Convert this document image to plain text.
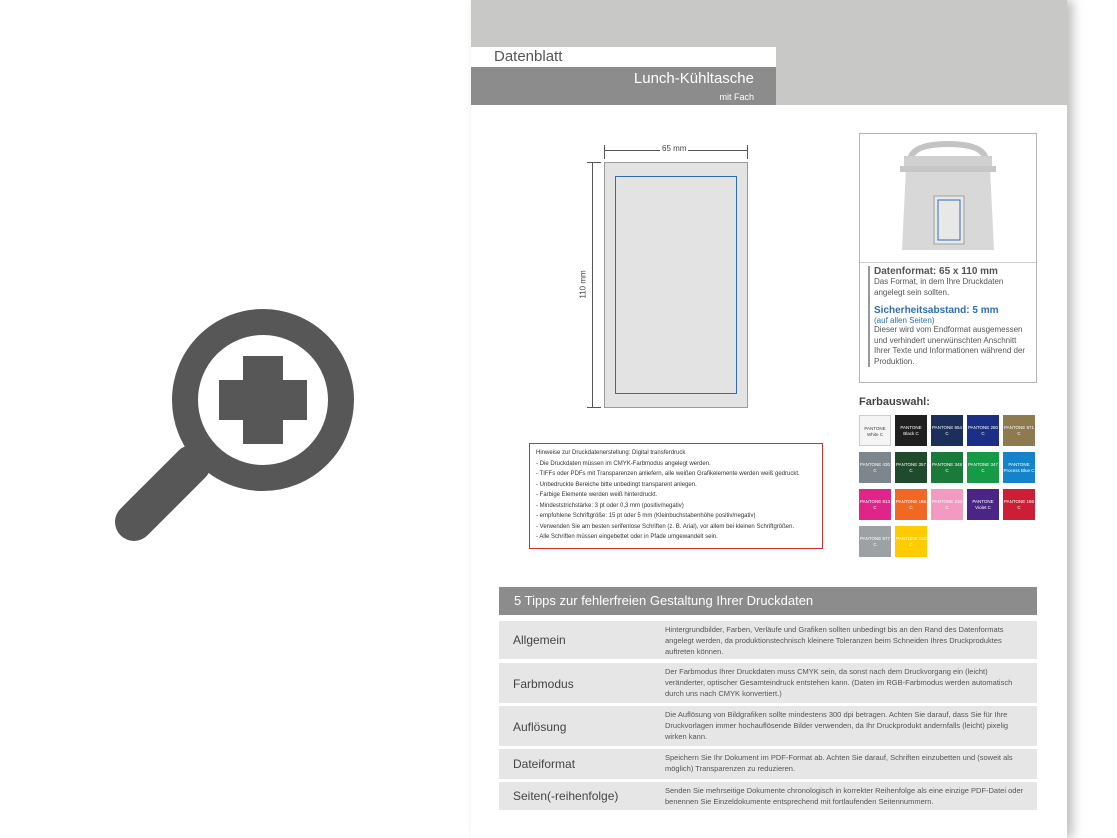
Datenblatt
Lunch-Kühltasche
mit Fach
65 mm
110 mm
Hinweise zur Druckdatenerstellung: Digital transferdruck
- Die Druckdaten müssen im CMYK-Farbmodus angelegt werden.
- TIFFs oder PDFs mit Transparenzen anliefern, alle weißen Grafikelemente werden weiß gedruckt.
- Unbedruckte Bereiche bitte unbedingt transparent anlegen.
- Farbige Elemente werden weiß hinterdruckt.
- Mindeststrichstärke: 3 pt oder 0,3 mm (positiv/negativ)
- empfohlene Schriftgröße: 15 pt oder 5 mm (Kleinbuchstabenhöhe positiv/negativ)
- Verwenden Sie am besten serifenlose Schriften (z. B. Arial), vor allem bei kleinen Schriftgrößen.
- Alle Schriften müssen eingebettet oder in Pfade umgewandelt sein.
Datenformat: 65 x 110 mm
Das Format, in dem Ihre Druckdaten angelegt sein sollten.
Sicherheitsabstand: 5 mm
(auf allen Seiten)
Dieser wird vom Endformat ausgemessen und verhindert unerwünschten Anschnitt Ihrer Texte und Informationen während der Produktion.
Farbauswahl:
PANTONE White C
PANTONE Black C
PANTONE 654 C
PANTONE 280 C
PANTONE 871 C
PANTONE 430 C
PANTONE 357 C
PANTONE 348 C
PANTONE 347 C
PANTONE Process Blue C
PANTONE 813 C
PANTONE 165 C
PANTONE 210 C
PANTONE Violet C
PANTONE 186 C
PANTONE 877 C
PANTONE 116 C
5 Tipps zur fehlerfreien Gestaltung Ihrer Druckdaten
Allgemein
Hintergrundbilder, Farben, Verläufe und Grafiken sollten unbedingt bis an den Rand des Datenformats angelegt werden, da produktionstechnisch kleinere Toleranzen beim Schneiden Ihres Druckproduktes auftreten können.
Farbmodus
Der Farbmodus Ihrer Druckdaten muss CMYK sein, da sonst nach dem Druckvorgang ein (leicht) veränderter, optischer Gesamteindruck entstehen kann. (Daten im RGB-Farbmodus werden automatisch durch uns nach CMYK konvertiert.)
Auflösung
Die Auflösung von Bildgrafiken sollte mindestens 300 dpi betragen. Achten Sie darauf, dass Sie für Ihre Druckvorlagen immer hochauflösende Bilder verwenden, da Ihr Druckprodukt andernfalls (leicht) pixelig wirken kann.
Dateiformat	Speichern Sie Ihr Dokument im PDF-Format ab. Achten Sie darauf, Schriften einzubetten und (soweit als möglich) Transparenzen zu reduzieren.
Seiten(-reihenfolge)	Senden Sie mehrseitige Dokumente chronologisch in korrekter Reihenfolge als eine einzige PDF-Datei oder benennen Sie Einzeldokumente entsprechend mit fortlaufenden Seitennummern.
